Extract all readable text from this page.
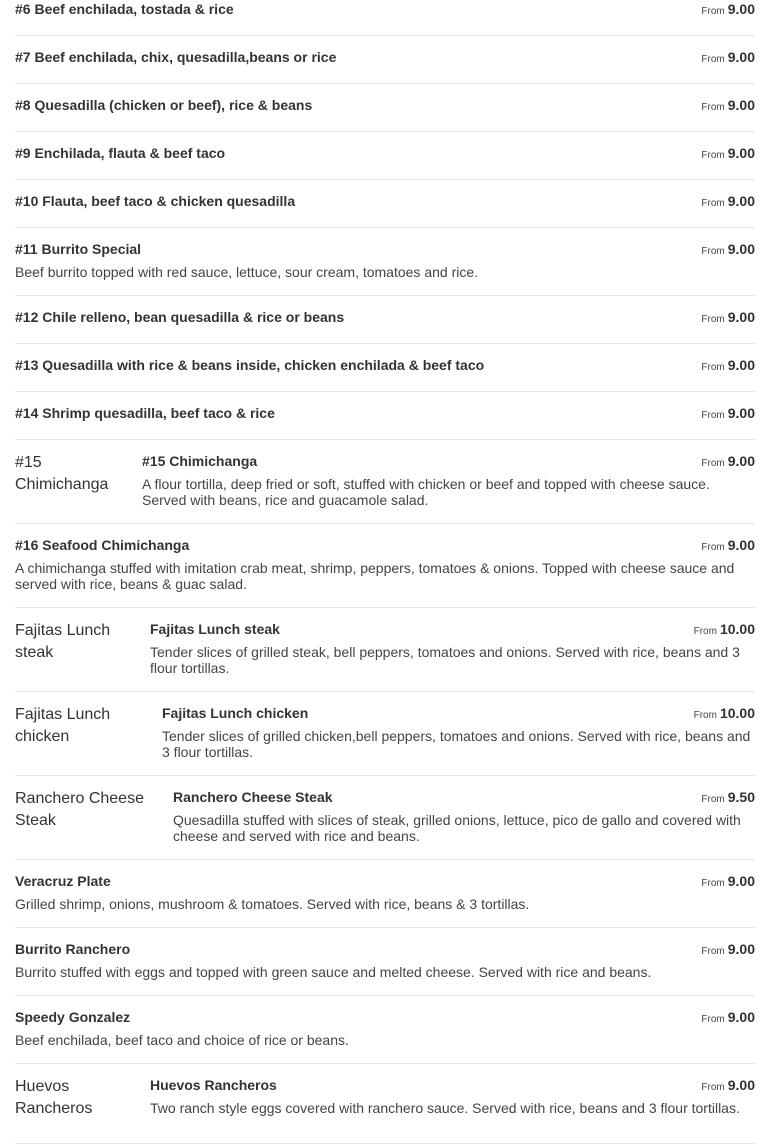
#6 Beef enchilada, tostada & rice	From 9.00
#7 Beef enchilada, chix, quesadilla,beans or rice	From 9.00
#8 Quesadilla (chicken or beef), rice & beans	From 9.00
#9 Enchilada, flauta & beef taco	From 9.00
#10 Flauta, beef taco & chicken quesadilla	From 9.00
#11 Burrito Special	From 9.00
Beef burrito topped with red sauce, lettuce, sour cream, tomatoes and rice.
#12 Chile relleno, bean quesadilla & rice or beans	From 9.00
#13 Quesadilla with rice & beans inside, chicken enchilada & beef taco	From 9.00
#14 Shrimp quesadilla, beef taco & rice	From 9.00
#15 Chimichanga
#15 Chimichanga	From 9.00
A flour tortilla, deep fried or soft, stuffed with chicken or beef and topped with cheese sauce. Served with beans, rice and guacamole salad.
#16 Seafood Chimichanga	From 9.00
A chimichanga stuffed with imitation crab meat, shrimp, peppers, tomatoes & onions. Topped with cheese sauce and served with rice, beans & guac salad.
Fajitas Lunch steak
Fajitas Lunch steak	From 10.00
Tender slices of grilled steak, bell peppers, tomatoes and onions. Served with rice, beans and 3 flour tortillas.
Fajitas Lunch chicken
Fajitas Lunch chicken	From 10.00
Tender slices of grilled chicken,bell peppers, tomatoes and onions. Served with rice, beans and 3 flour tortillas.
Ranchero Cheese Steak
Ranchero Cheese Steak	From 9.50
Quesadilla stuffed with slices of steak, grilled onions, lettuce, pico de gallo and covered with cheese and served with rice and beans.
Veracruz Plate	From 9.00
Grilled shrimp, onions, mushroom & tomatoes. Served with rice, beans & 3 tortillas.
Burrito Ranchero	From 9.00
Burrito stuffed with eggs and topped with green sauce and melted cheese. Served with rice and beans.
Speedy Gonzalez	From 9.00
Beef enchilada, beef taco and choice of rice or beans.
Huevos Rancheros
Huevos Rancheros	From 9.00
Two ranch style eggs covered with ranchero sauce. Served with rice, beans and 3 flour tortillas.
